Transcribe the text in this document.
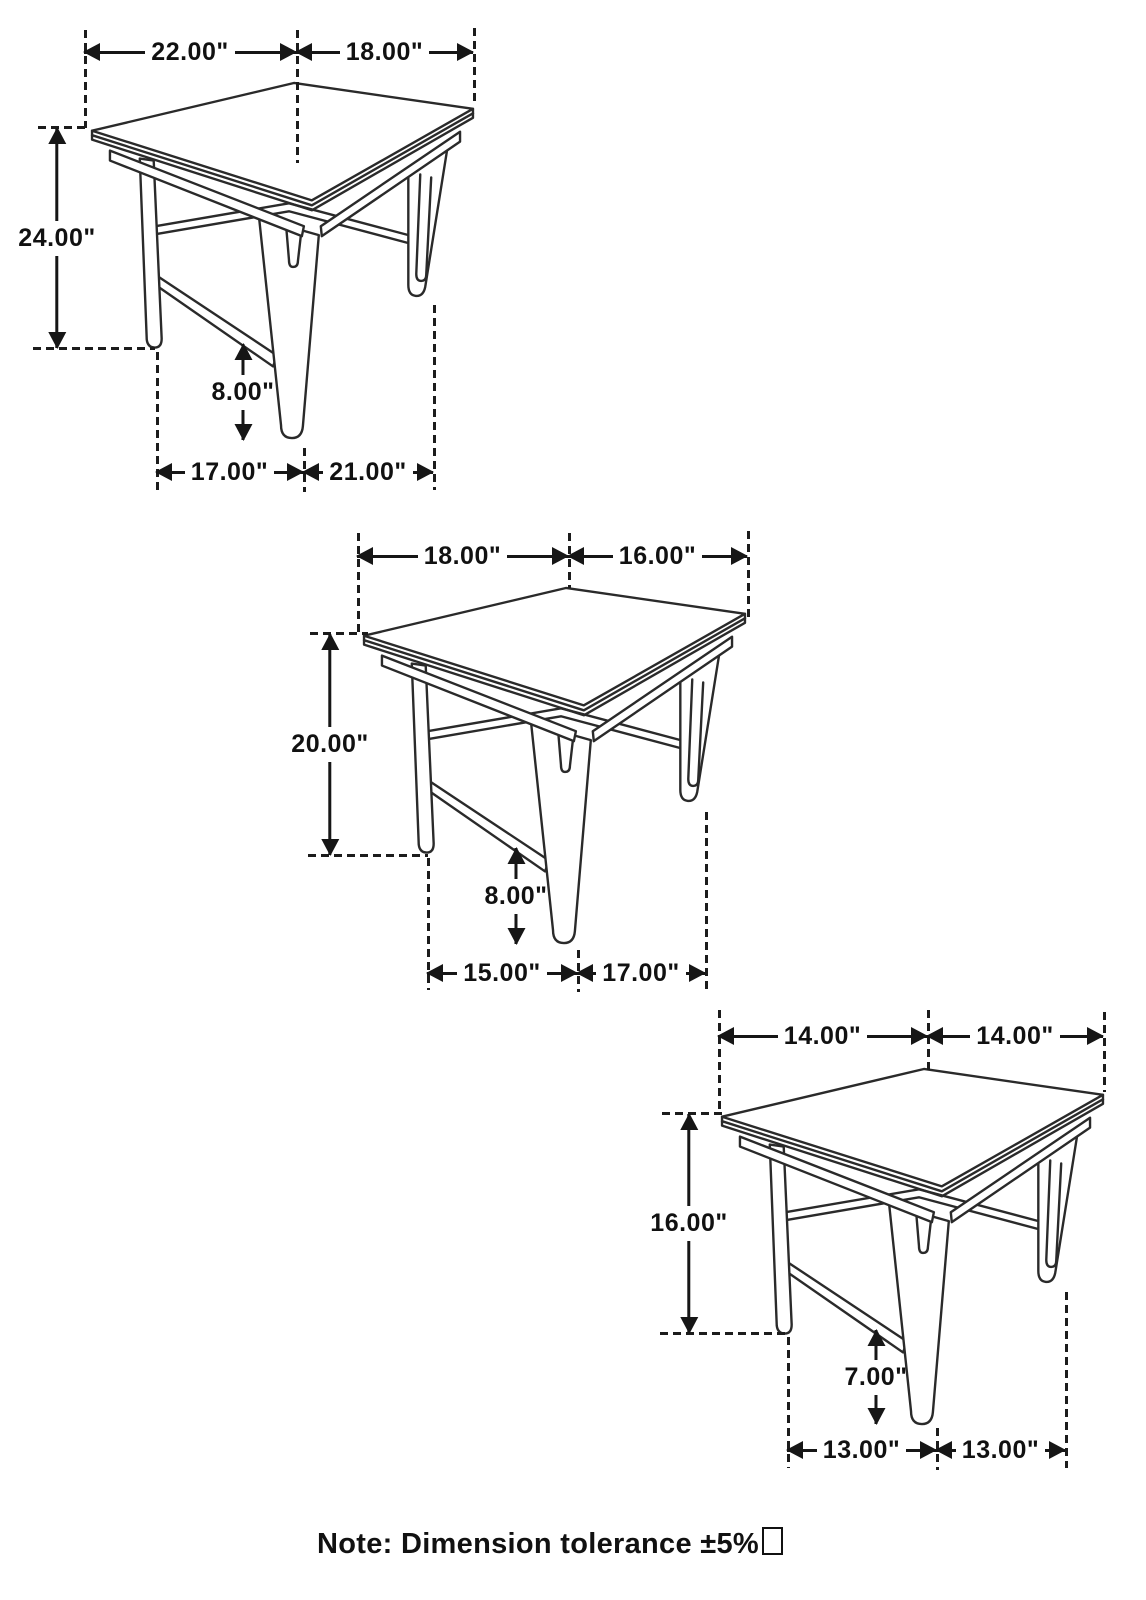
22.00"	18.00"
24.00"
8.00"
17.00" 21.00"
18.00"	16.00"
20.00"
8.00"
15.00" 17.00"
14.00"	14.00"
16.00"
7.00"
13.00" 13.00"
Note: Dimension tolerance ±5%
